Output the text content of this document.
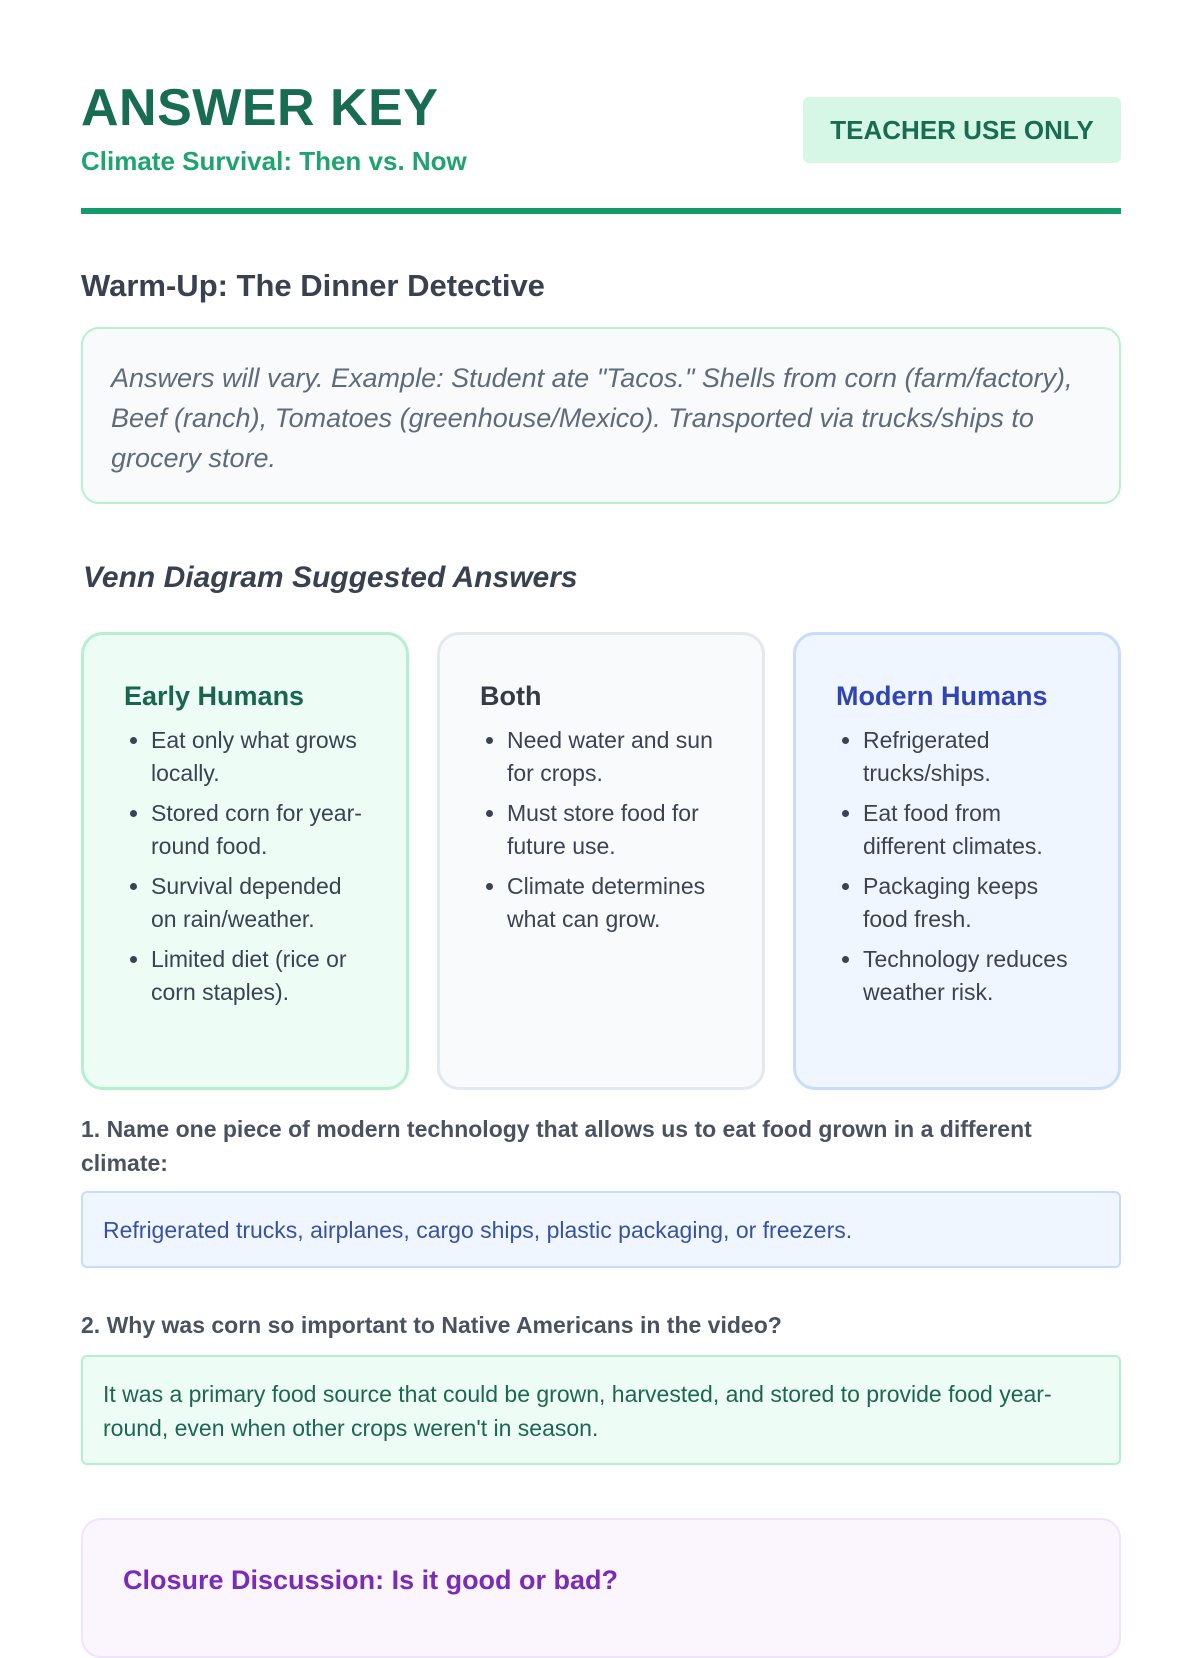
ANSWER KEY

Climate Survival: Then vs. Now

TEACHER USE ONLY
Warm-Up: The Dinner Detective
Answers will vary. Example: Student ate "Tacos." Shells from corn (farm/factory), Beef (ranch), Tomatoes (greenhouse/Mexico). Transported via trucks/ships to grocery store.
Venn Diagram Suggested Answers
Early Humans
• Eat only what grows locally.
• Stored corn for year-round food.
• Survival depended on rain/weather.
• Limited diet (rice or corn staples).
Both
• Need water and sun for crops.
• Must store food for future use.
• Climate determines what can grow.
Modern Humans
• Refrigerated trucks/ships.
• Eat food from different climates.
• Packaging keeps food fresh.
• Technology reduces weather risk.

1. Name one piece of modern technology that allows us to eat food grown in a different climate:

Refrigerated trucks, airplanes, cargo ships, plastic packaging, or freezers.

2. Why was corn so important to Native Americans in the video?

It was a primary food source that could be grown, harvested, and stored to provide food year-round, even when other crops weren't in season.
Closure Discussion: Is it good or bad?
